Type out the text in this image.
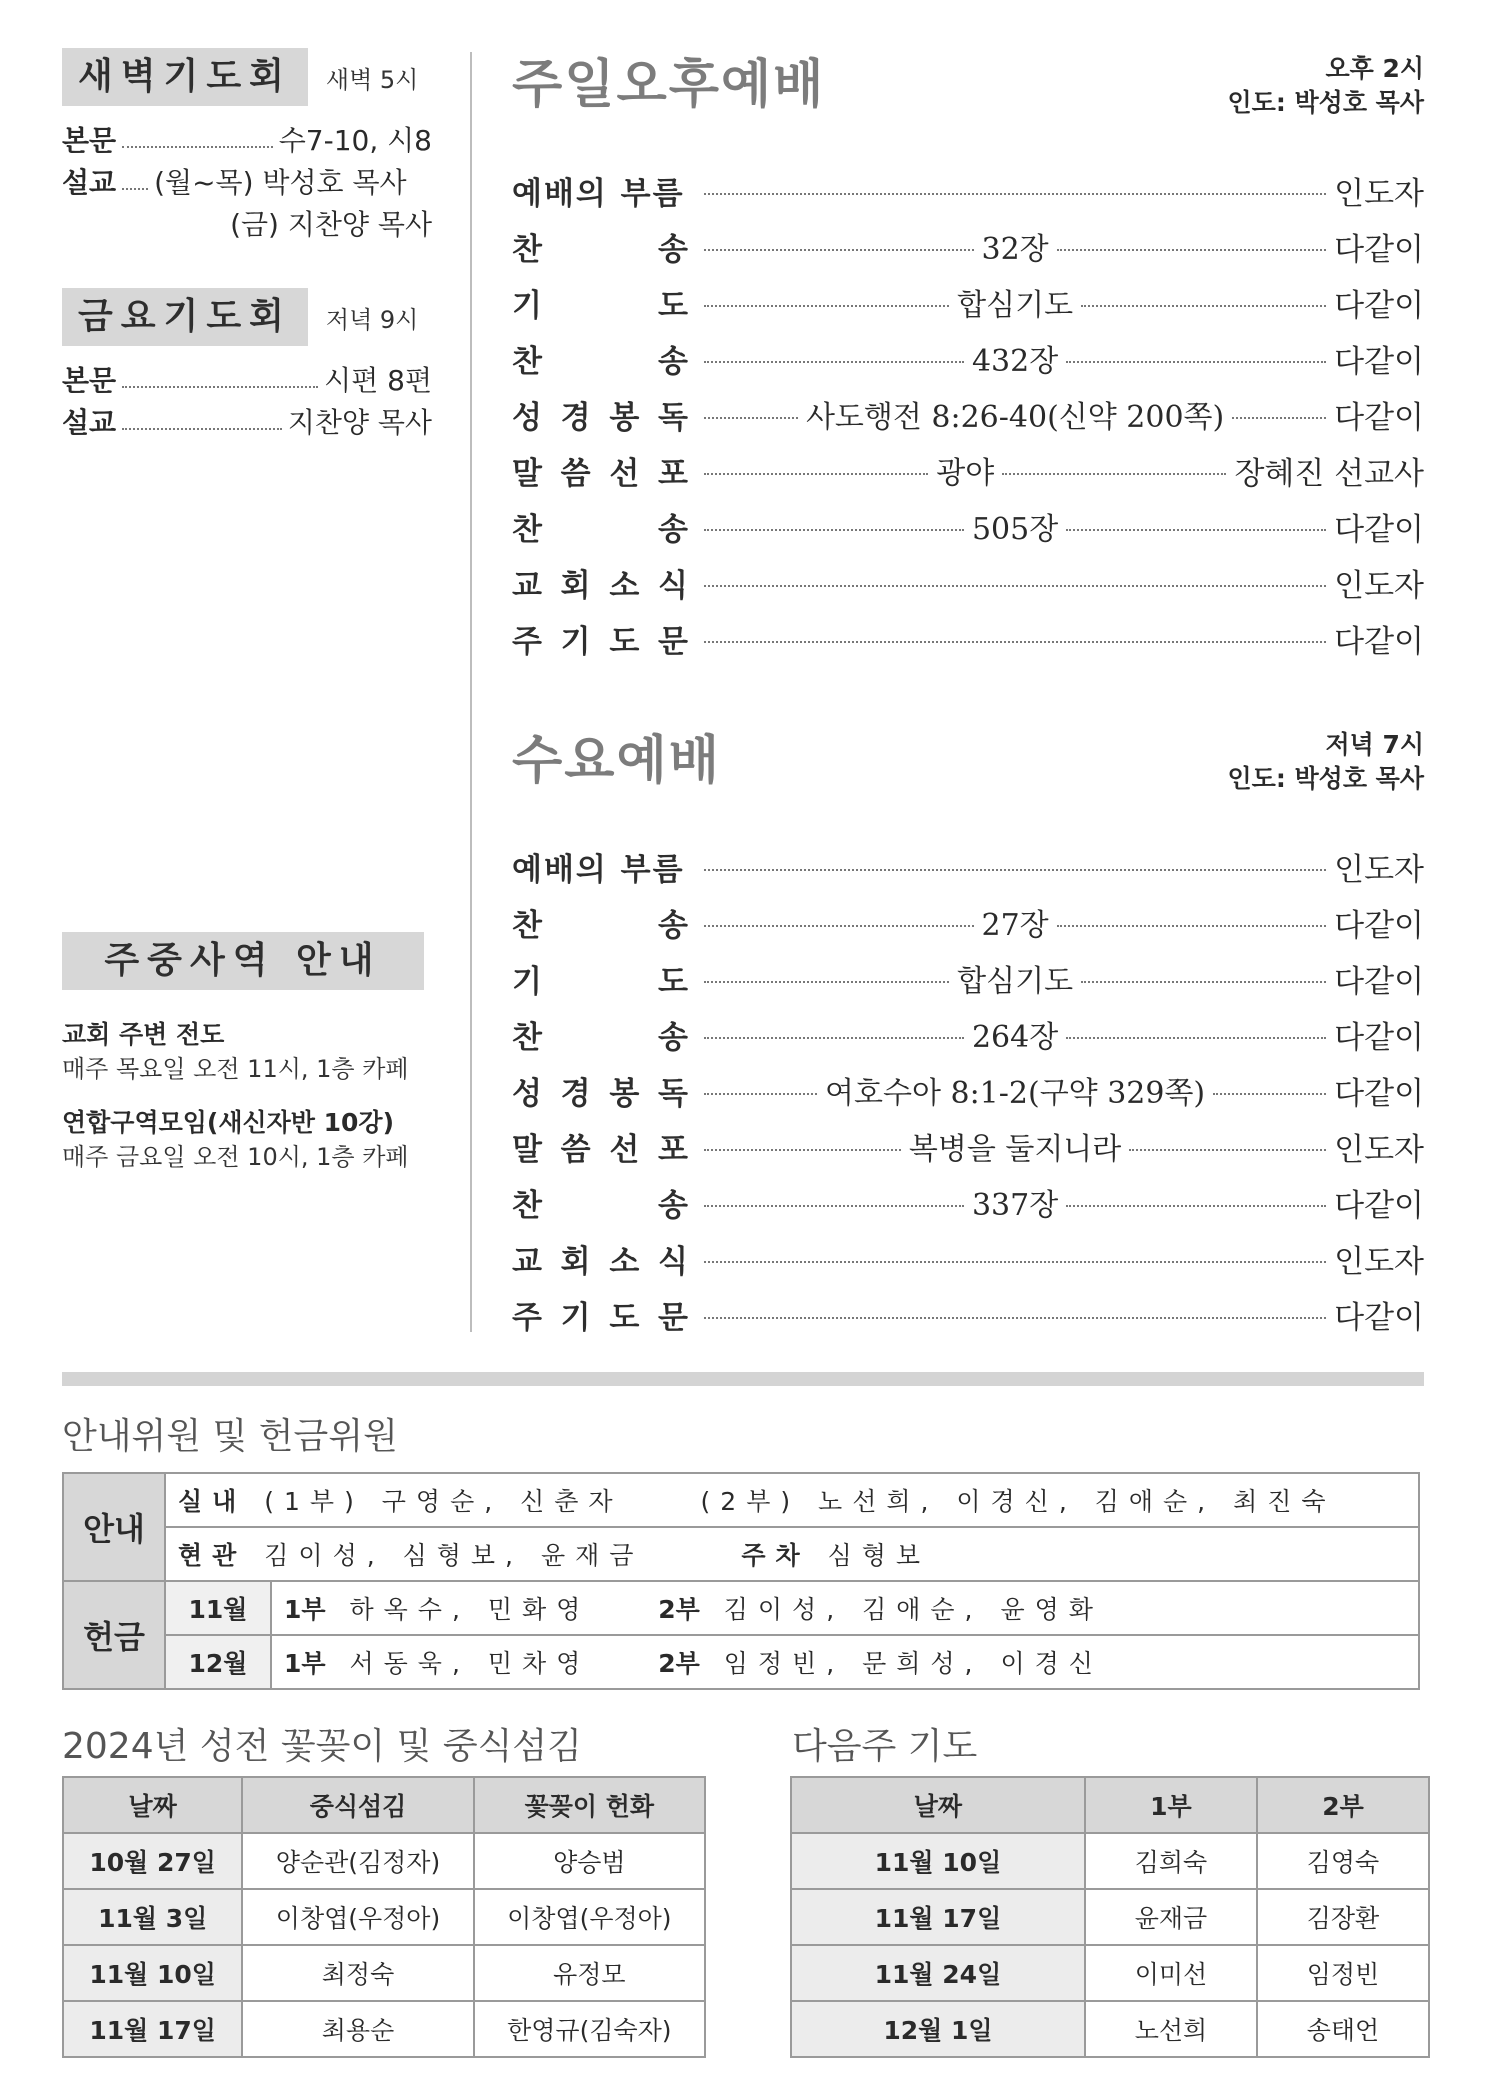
새벽기도회	새벽 5시
본문	수7-10, 시8
설교 (월~목) 박성호 목사
(금) 지찬양 목사
금요기도회	저녁 9시
본문	시편 8편
설교	지찬양 목사
주중사역 안내
교회 주변 전도
매주 목요일 오전 11시, 1층 카페
연합구역모임(새신자반 10강)
매주 금요일 오전 10시, 1층 카페
주일오후예배	오후 2시
인도: 박성호 목사
예배의 부름	인도자
찬	송	32장	다같이
기	도	합심기도	다같이
찬	송	432장	다같이
성 경 봉 독	사도행전 8:26-40(신약 200쪽)	다같이
말 씀 선 포	광야	장혜진 선교사
찬	송	505장	다같이
교 회 소 식	인도자
주 기 도 문	다같이
수요예배	저녁 7시
인도: 박성호 목사
예배의 부름	인도자
찬	송	27장	다같이
기	도	합심기도	다같이
찬	송	264장	다같이
성 경 봉 독	여호수아 8:1-2(구약 329쪽)	다같이
말 씀 선 포	복병을 둘지니라	인도자
찬	송	337장	다같이
교 회 소 식	인도자
주 기 도 문	다같이
안내위원 및 헌금위원
안내	실내 (1부) 구영순, 신춘자 (2부) 노선희, 이경신, 김애순, 최진숙	
	현관 김이성, 심형보, 윤재금 주차 심형보	
헌금	11월	1부 하옥수, 민화영 2부 김이성, 김애순, 윤영화
	12월	1부 서동욱, 민차영 2부 임정빈, 문희성, 이경신
2024년 성전 꽃꽂이 및 중식섬김
날짜	중식섬김	꽃꽂이 헌화
10월 27일	양순관(김정자)	양승범
11월 3일	이창엽(우정아)	이창엽(우정아)
11월 10일	최정숙	유정모
11월 17일	최용순	한영규(김숙자)
다음주 기도
날짜	1부	2부
11월 10일	김희숙	김영숙
11월 17일	윤재금	김장환
11월 24일	이미선	임정빈
12월 1일	노선희	송태언
